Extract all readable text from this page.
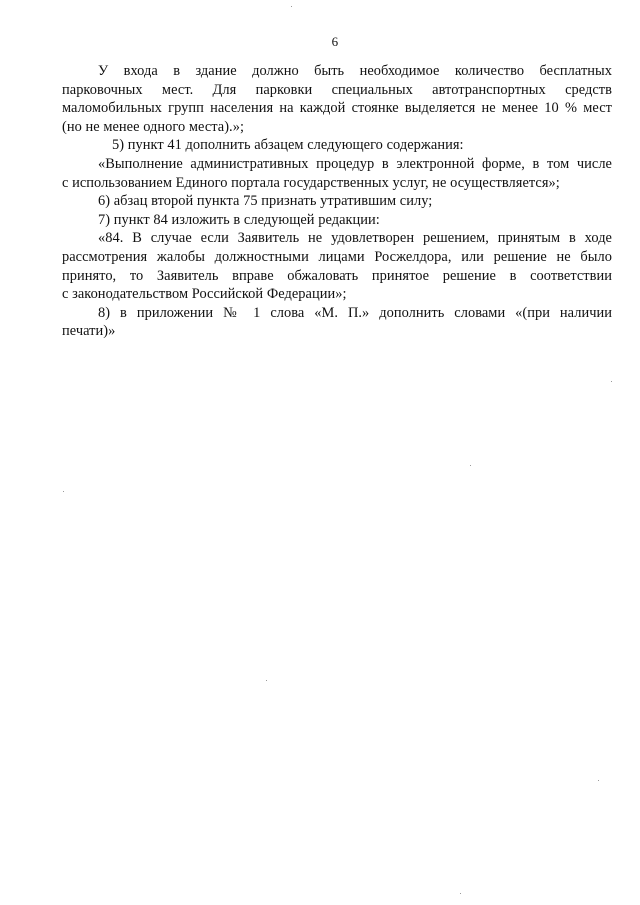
6

У входа в здание должно быть необходимое количество бесплатных
парковочных мест. Для парковки специальных автотранспортных средств
маломобильных групп населения на каждой стоянке выделяется не менее 10 % мест
(но не менее одного места).»;

5) пункт 41 дополнить абзацем следующего содержания:

«Выполнение административных процедур в электронной форме, в том числе
с использованием Единого портала государственных услуг, не осуществляется»;

6) абзац второй пункта 75 признать утратившим силу;

7) пункт 84 изложить в следующей редакции:

«84. В случае если Заявитель не удовлетворен решением, принятым в ходе
рассмотрения жалобы должностными лицами Росжелдора, или решение не было
принято, то Заявитель вправе обжаловать принятое решение в соответствии
с законодательством Российской Федерации»;

8) в приложении № 1 слова «М. П.» дополнить словами «(при наличии
печати)»
